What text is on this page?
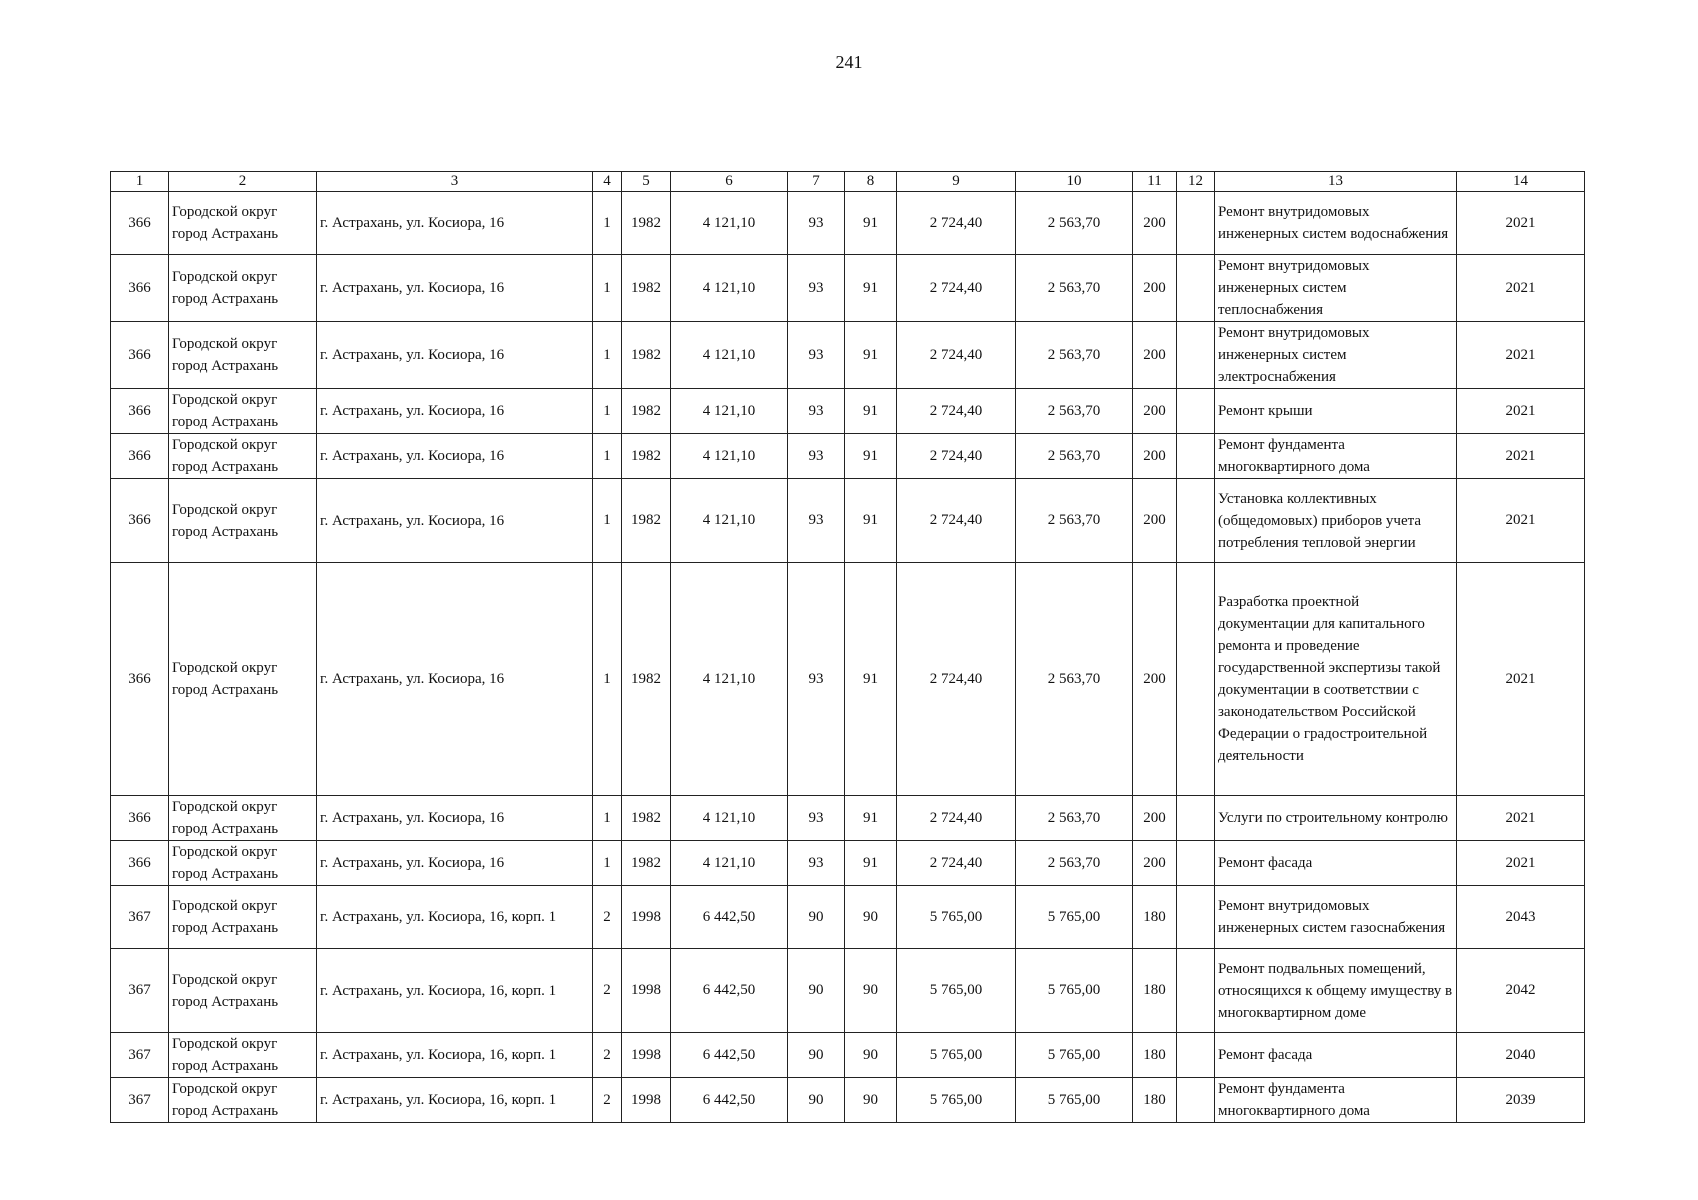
241
1	2	3	4	5	6	7	8	9	10	11	12	13	14
366	Городской округ город Астрахань	г. Астрахань, ул. Косиора, 16	1	1982	4 121,10	93	91	2 724,40	2 563,70	200		Ремонт внутридомовых инженерных систем водоснабжения	2021
366	Городской округ город Астрахань	г. Астрахань, ул. Косиора, 16	1	1982	4 121,10	93	91	2 724,40	2 563,70	200		Ремонт внутридомовых инженерных систем теплоснабжения	2021
366	Городской округ город Астрахань	г. Астрахань, ул. Косиора, 16	1	1982	4 121,10	93	91	2 724,40	2 563,70	200		Ремонт внутридомовых инженерных систем электроснабжения	2021
366	Городской округ город Астрахань	г. Астрахань, ул. Косиора, 16	1	1982	4 121,10	93	91	2 724,40	2 563,70	200		Ремонт крыши	2021
366	Городской округ город Астрахань	г. Астрахань, ул. Косиора, 16	1	1982	4 121,10	93	91	2 724,40	2 563,70	200		Ремонт фундамента многоквартирного дома	2021
366	Городской округ город Астрахань	г. Астрахань, ул. Косиора, 16	1	1982	4 121,10	93	91	2 724,40	2 563,70	200		Установка коллективных (общедомовых) приборов учета потребления тепловой энергии	2021
366	Городской округ город Астрахань	г. Астрахань, ул. Косиора, 16	1	1982	4 121,10	93	91	2 724,40	2 563,70	200		Разработка проектной документации для капитального ремонта и проведение государственной экспертизы такой документации в соответствии с законодательством Российской Федерации о градостроительной деятельности	2021
366	Городской округ город Астрахань	г. Астрахань, ул. Косиора, 16	1	1982	4 121,10	93	91	2 724,40	2 563,70	200		Услуги по строительному контролю	2021
366	Городской округ город Астрахань	г. Астрахань, ул. Косиора, 16	1	1982	4 121,10	93	91	2 724,40	2 563,70	200		Ремонт фасада	2021
367	Городской округ город Астрахань	г. Астрахань, ул. Косиора, 16, корп. 1	2	1998	6 442,50	90	90	5 765,00	5 765,00	180		Ремонт внутридомовых инженерных систем газоснабжения	2043
367	Городской округ город Астрахань	г. Астрахань, ул. Косиора, 16, корп. 1	2	1998	6 442,50	90	90	5 765,00	5 765,00	180		Ремонт подвальных помещений, относящихся к общему имуществу в многоквартирном доме	2042
367	Городской округ город Астрахань	г. Астрахань, ул. Косиора, 16, корп. 1	2	1998	6 442,50	90	90	5 765,00	5 765,00	180		Ремонт фасада	2040
367	Городской округ город Астрахань	г. Астрахань, ул. Косиора, 16, корп. 1	2	1998	6 442,50	90	90	5 765,00	5 765,00	180		Ремонт фундамента многоквартирного дома	2039
